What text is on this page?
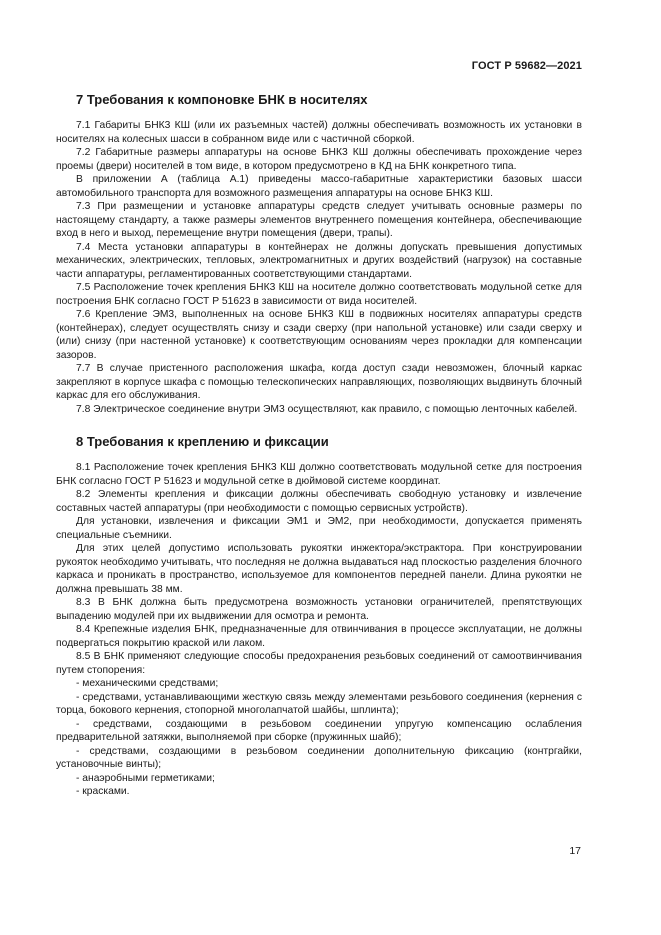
ГОСТ Р 59682—2021
7 Требования к компоновке БНК в носителях

7.1 Габариты БНК3 КШ (или их разъемных частей) должны обеспечивать возможность их установки в носителях на колесных шасси в собранном виде или с частичной сборкой.

7.2 Габаритные размеры аппаратуры на основе БНК3 КШ должны обеспечивать прохождение через проемы (двери) носителей в том виде, в котором предусмотрено в КД на БНК конкретного типа.

В приложении А (таблица А.1) приведены массо-габаритные характеристики базовых шасси автомобильного транспорта для возможного размещения аппаратуры на основе БНК3 КШ.

7.3 При размещении и установке аппаратуры средств следует учитывать основные размеры по настоящему стандарту, а также размеры элементов внутреннего помещения контейнера, обеспечивающие вход в него и выход, перемещение внутри помещения (двери, трапы).

7.4 Места установки аппаратуры в контейнерах не должны допускать превышения допустимых механических, электрических, тепловых, электромагнитных и других воздействий (нагрузок) на составные части аппаратуры, регламентированных соответствующими стандартами.

7.5 Расположение точек крепления БНК3 КШ на носителе должно соответствовать модульной сетке для построения БНК согласно ГОСТ Р 51623 в зависимости от вида носителей.

7.6 Крепление ЭМ3, выполненных на основе БНК3 КШ в подвижных носителях аппаратуры средств (контейнерах), следует осуществлять снизу и сзади сверху (при напольной установке) или сзади сверху и (или) снизу (при настенной установке) к соответствующим основаниям через прокладки для компенсации зазоров.

7.7 В случае пристенного расположения шкафа, когда доступ сзади невозможен, блочный каркас закрепляют в корпусе шкафа с помощью телескопических направляющих, позволяющих выдвинуть блочный каркас для его обслуживания.

7.8 Электрическое соединение внутри ЭМ3 осуществляют, как правило, с помощью ленточных кабелей.

8 Требования к креплению и фиксации

8.1 Расположение точек крепления БНК3 КШ должно соответствовать модульной сетке для построения БНК согласно ГОСТ Р 51623 и модульной сетке в дюймовой системе координат.

8.2 Элементы крепления и фиксации должны обеспечивать свободную установку и извлечение составных частей аппаратуры (при необходимости с помощью сервисных устройств).

Для установки, извлечения и фиксации ЭМ1 и ЭМ2, при необходимости, допускается применять специальные съемники.

Для этих целей допустимо использовать рукоятки инжектора/экстрактора. При конструировании рукояток необходимо учитывать, что последняя не должна выдаваться над плоскостью разделения блочного каркаса и проникать в пространство, используемое для компонентов передней панели. Длина рукоятки не должна превышать 38 мм.

8.3 В БНК должна быть предусмотрена возможность установки ограничителей, препятствующих выпадению модулей при их выдвижении для осмотра и ремонта.

8.4 Крепежные изделия БНК, предназначенные для отвинчивания в процессе эксплуатации, не должны подвергаться покрытию краской или лаком.

8.5 В БНК применяют следующие способы предохранения резьбовых соединений от самоотвинчивания путем стопорения:

- механическими средствами;

- средствами, устанавливающими жесткую связь между элементами резьбового соединения (кернения с торца, бокового кернения, стопорной многолапчатой шайбы, шплинта);

- средствами, создающими в резьбовом соединении упругую компенсацию ослабления предварительной затяжки, выполняемой при сборке (пружинных шайб);

- средствами, создающими в резьбовом соединении дополнительную фиксацию (контргайки, установочные винты);

- анаэробными герметиками;

- красками.

17
